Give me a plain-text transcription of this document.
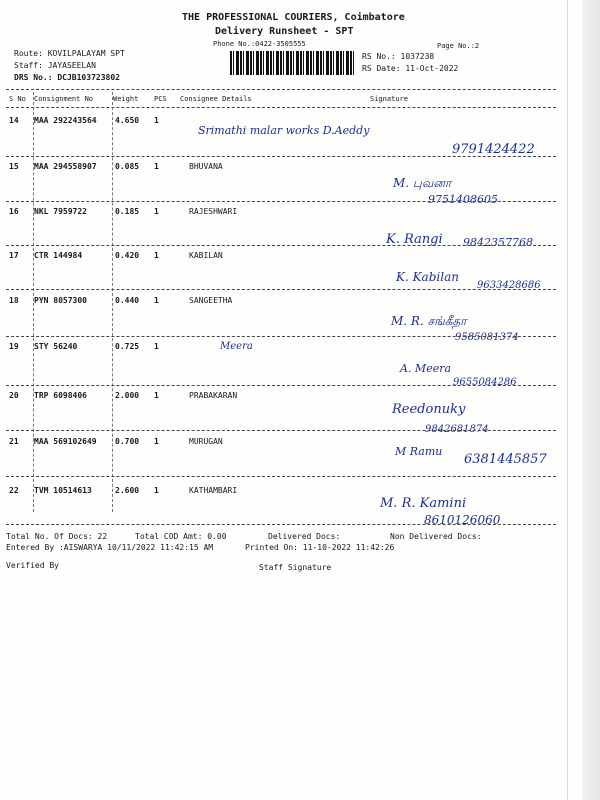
THE PROFESSIONAL COURIERS, Coimbatore
Delivery Runsheet - SPT
Phone No.:0422-3505555	Page No.:2
Route: KOVILPALAYAM SPT
Staff: JAYASEELAN
DRS No.: DCJB103723802
RS No.: 1037238
RS Date: 11-Oct-2022
S No Consignment No	Weight PCS Consignee Details	Signature
14 MAA 292243564 4.650 1
Srimathi malar works D.Aeddy
9791424422
15 MAA 294558907 0.085 1	BHUVANA
M. புவனா
9751408605
16 NKL 7959722	0.185 1	RAJESHWARI
K. Rangi 9842357768
17 CTR 144984	0.420 1	KABILAN
K. Kabilan
9633428686
18 PYN 8057300	0.440 1	SANGEETHA
M. R. சங்கீதா
9585081374
19 STY 56240	0.725 1	Meera
A. Meera
9655084286
20 TRP 6098406	2.000 1	PRABAKARAN
Reedonuky
9842681874
21 MAA 569102649 0.700 1	MURUGAN
M Ramu
6381445857
22 TVM 10514613	2.600 1	KATHAMBARI
M. R. Kamini
8610126060
Total No. Of Docs: 22	Total COD Amt: 0.00	Delivered Docs:	Non Delivered Docs:
Entered By :AISWARYA 10/11/2022 11:42:15 AM	Printed On: 11-10-2022 11:42:26
Verified By	Staff Signature
